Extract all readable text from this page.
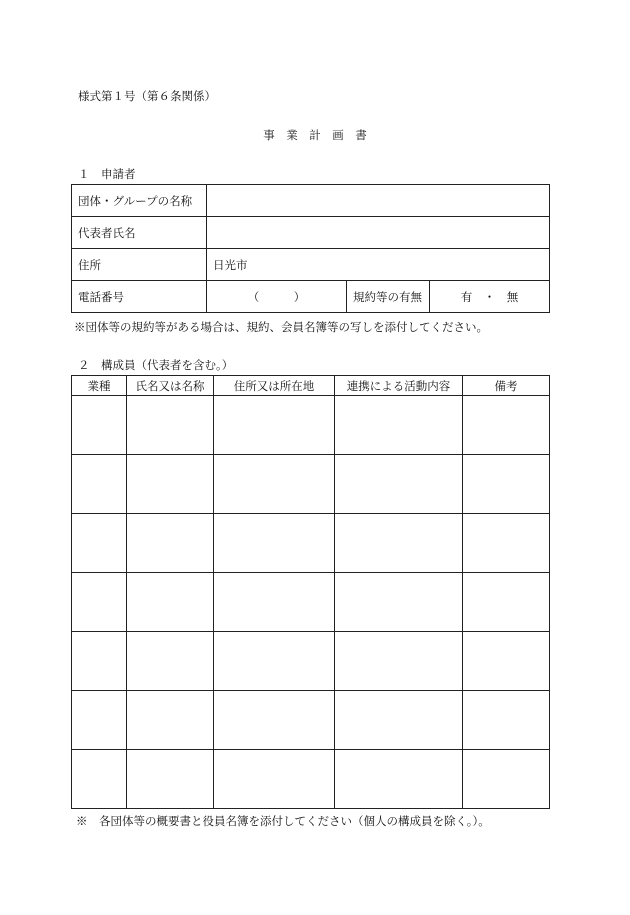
様式第１号（第６条関係）
事　業　計　画　書
１　申請者
団体・グループの名称			
代表者氏名			
住所	日光市		
電話番号	（　　　）	規約等の有無	有　・　無
※団体等の規約等がある場合は、規約、会員名簿等の写しを添付してください。
２　構成員（代表者を含む。）
業種	氏名又は名称	住所又は所在地	連携による活動内容	備考

※　各団体等の概要書と役員名簿を添付してください（個人の構成員を除く。）。
